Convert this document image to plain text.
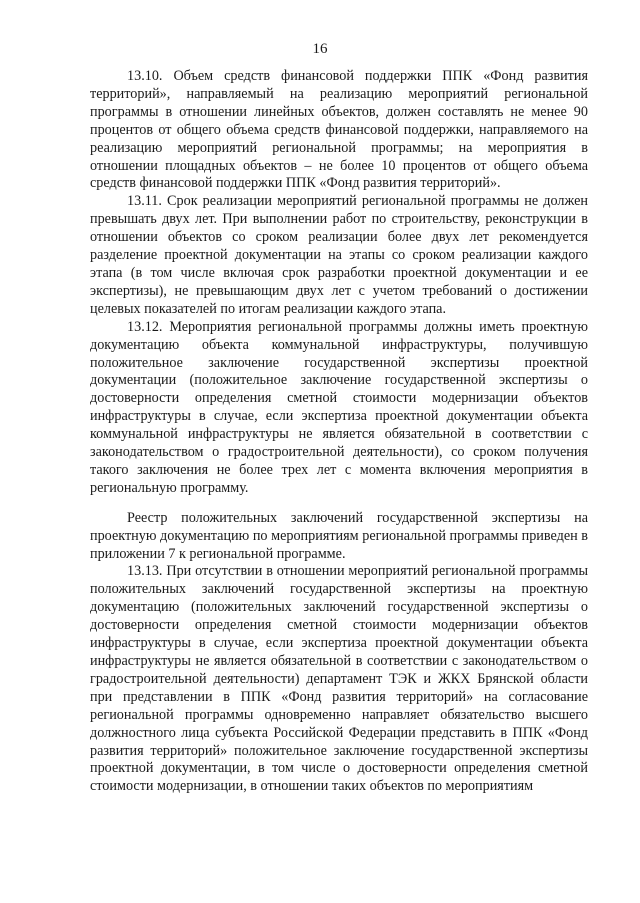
16

13.10. Объем средств финансовой поддержки ППК «Фонд развития территорий», направляемый на реализацию мероприятий региональной программы в отношении линейных объектов, должен составлять не менее 90 процентов от общего объема средств финансовой поддержки, направляемого на реализацию мероприятий региональной программы; на мероприятия в отношении площадных объектов – не более 10 процентов от общего объема средств финансовой поддержки ППК «Фонд развития территорий».

13.11. Срок реализации мероприятий региональной программы не должен превышать двух лет. При выполнении работ по строительству, реконструкции в отношении объектов со сроком реализации более двух лет рекомендуется разделение проектной документации на этапы со сроком реализации каждого этапа (в том числе включая срок разработки проектной документации и ее экспертизы), не превышающим двух лет с учетом требований о достижении целевых показателей по итогам реализации каждого этапа.

13.12. Мероприятия региональной программы должны иметь проектную документацию объекта коммунальной инфраструктуры, получившую положительное заключение государственной экспертизы проектной документации (положительное заключение государственной экспертизы о достоверности определения сметной стоимости модернизации объектов инфраструктуры в случае, если экспертиза проектной документации объекта коммунальной инфраструктуры не является обязательной в соответствии с законодательством о градостроительной деятельности), со сроком получения такого заключения не более трех лет с момента включения мероприятия в региональную программу.

Реестр положительных заключений государственной экспертизы на проектную документацию по мероприятиям региональной программы приведен в приложении 7 к региональной программе.

13.13. При отсутствии в отношении мероприятий региональной программы положительных заключений государственной экспертизы на проектную документацию (положительных заключений государственной экспертизы о достоверности определения сметной стоимости модернизации объектов инфраструктуры в случае, если экспертиза проектной документации объекта инфраструктуры не является обязательной в соответствии с законодательством о градостроительной деятельности) департамент ТЭК и ЖКХ Брянской области при представлении в ППК «Фонд развития территорий» на согласование региональной программы одновременно направляет обязательство высшего должностного лица субъекта Российской Федерации представить в ППК «Фонд развития территорий» положительное заключение государственной экспертизы проектной документации, в том числе о достоверности определения сметной стоимости модернизации, в отношении таких объектов по мероприятиям
